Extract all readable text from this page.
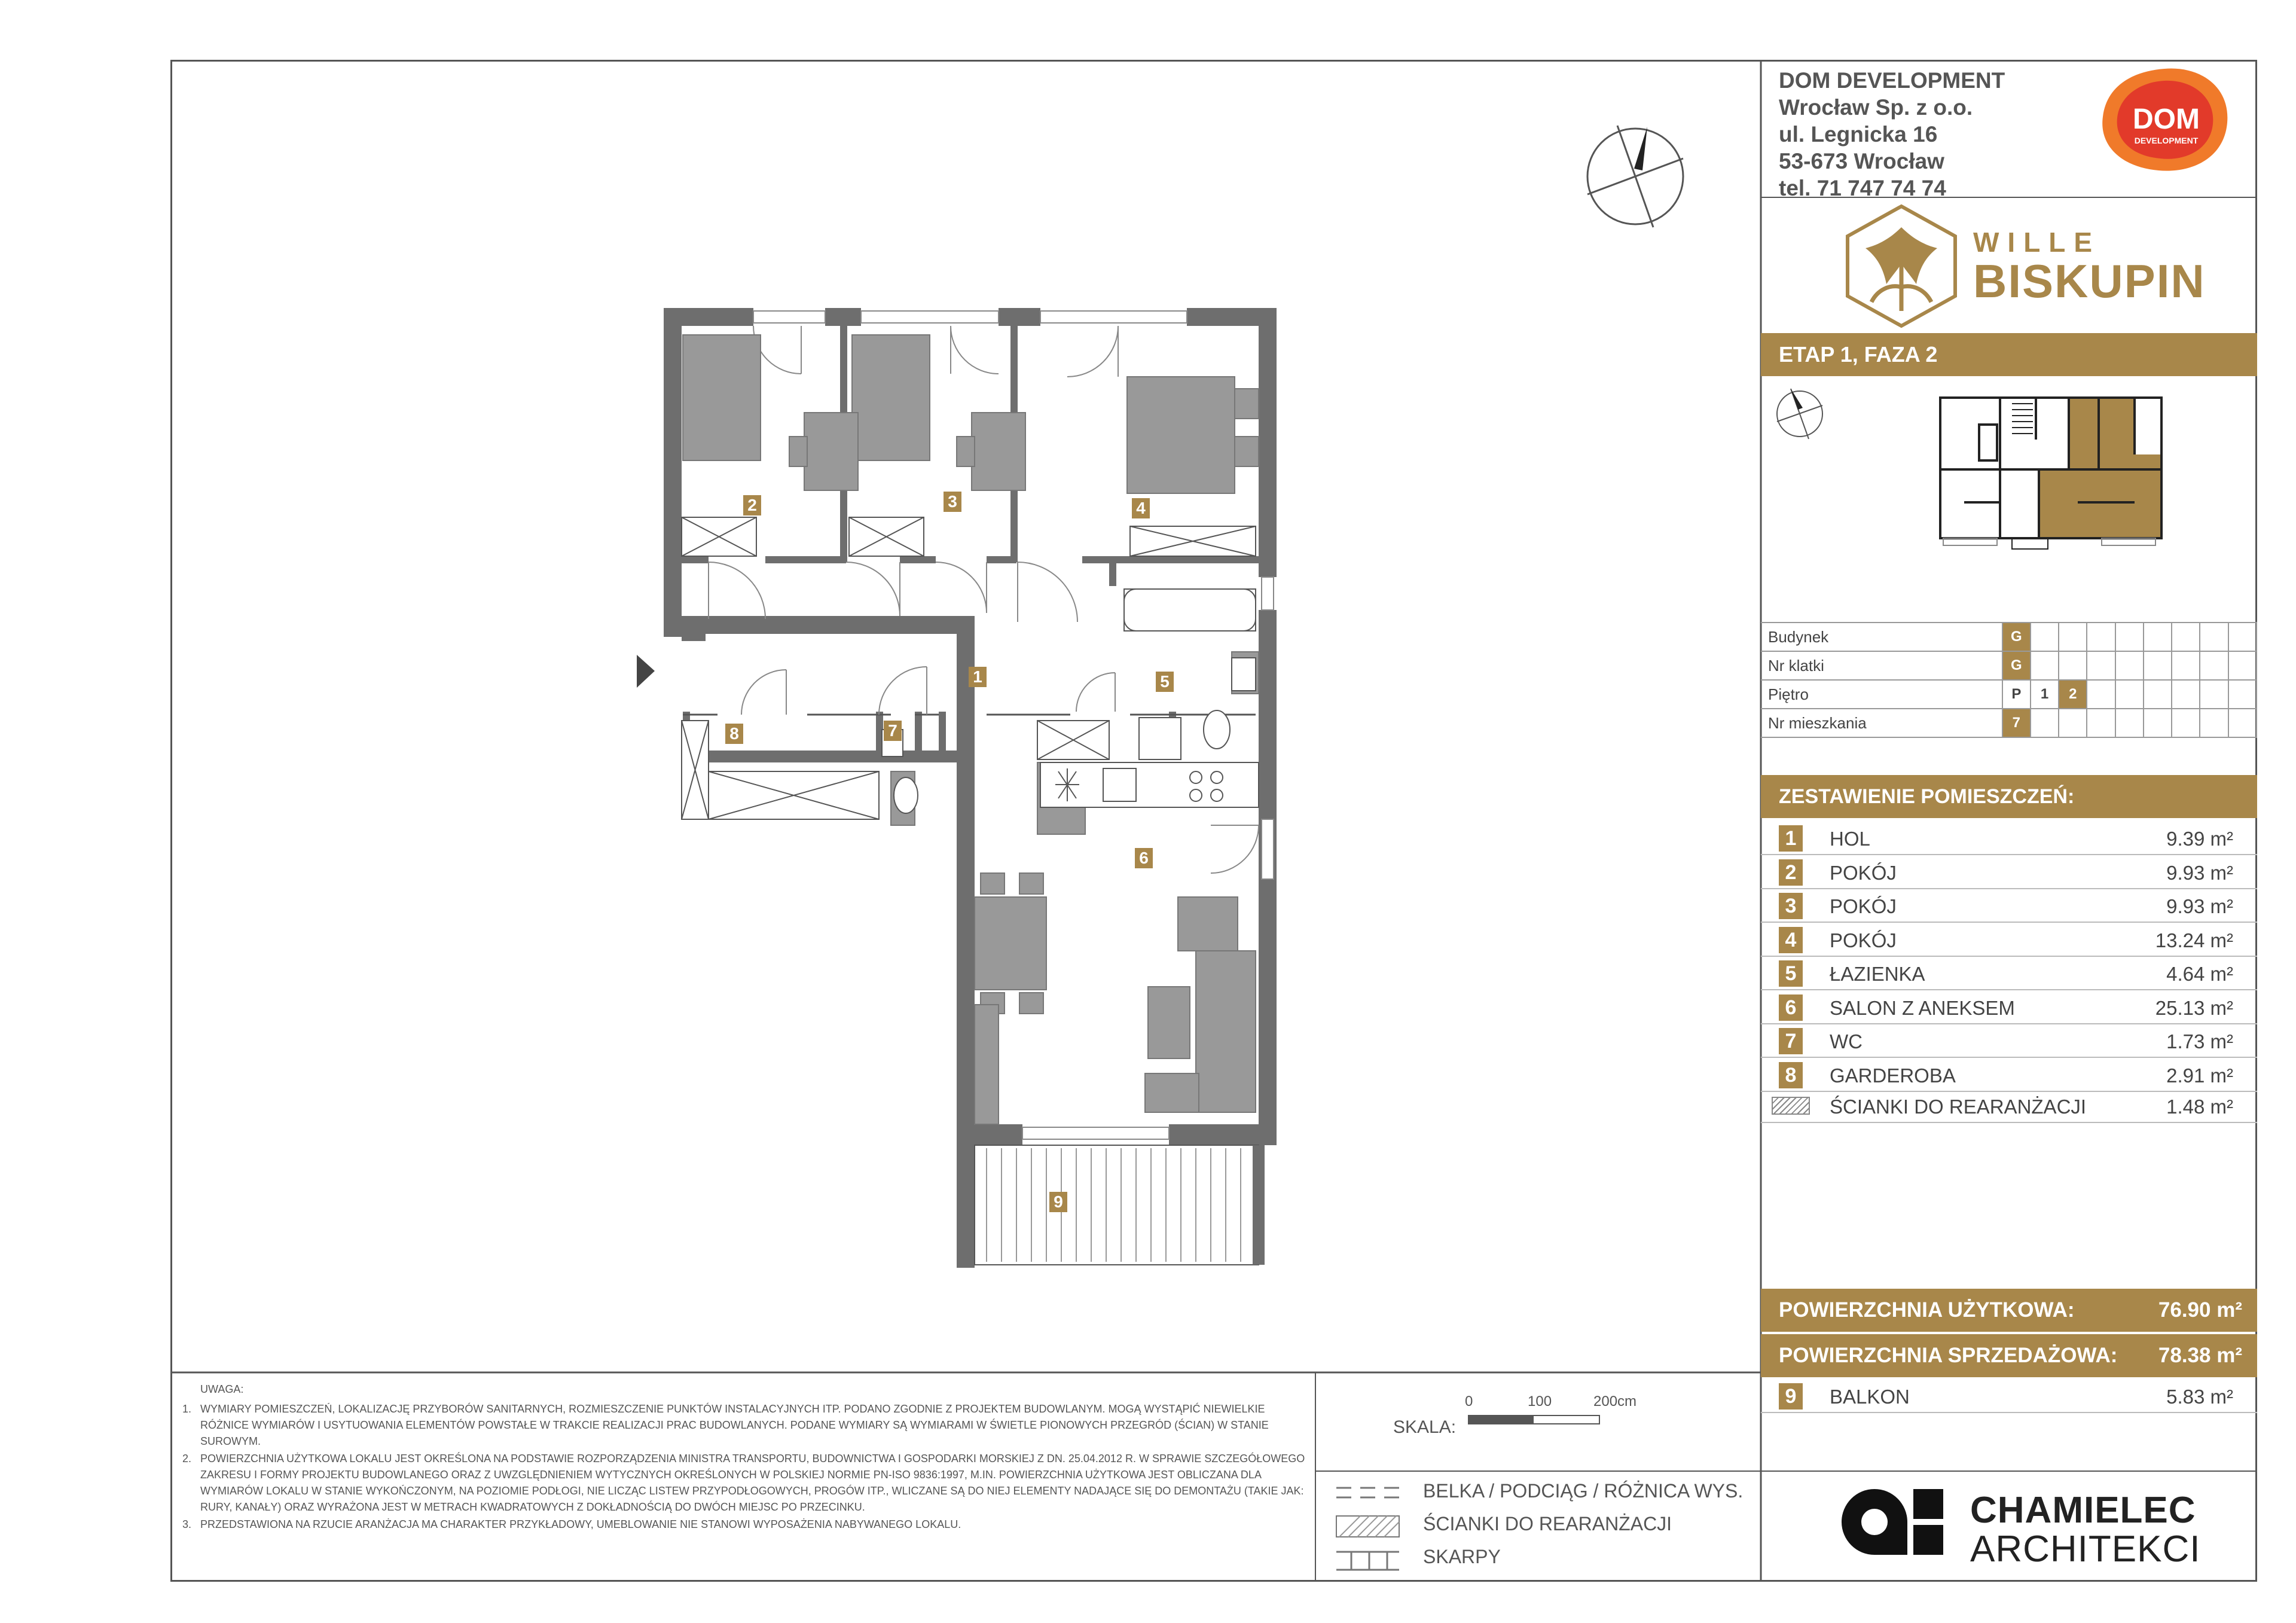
DOM DEVELOPMENT
Wrocław Sp. z o.o.
ul. Legnicka 16
53-673 Wrocław
tel. 71 747 74 74
DOM
DEVELOPMENT
WILLE
BISKUPIN
ETAP 1, FAZA 2
Budynek	G								
Nr klatki	G								
Piętro	P	1	2						
Nr mieszkania	7								
ZESTAWIENIE POMIESZCZEŃ:
1	HOL	9.39 m²
2	POKÓJ	9.93 m²
3	POKÓJ	9.93 m²
4	POKÓJ	13.24 m²
5	ŁAZIENKA	4.64 m²
6	SALON Z ANEKSEM	25.13 m²
7	WC	1.73 m²
8	GARDEROBA	2.91 m²
ŚCIANKI DO REARANŻACJI	1.48 m²
POWIERZCHNIA UŻYTKOWA:	76.90 m²
POWIERZCHNIA SPRZEDAŻOWA: 78.38 m²
9	BALKON	5.83 m²
1
2	3	4
5
6
7
8
9
UWAGA:
1. WYMIARY POMIESZCZEŃ, LOKALIZACJĘ PRZYBORÓW SANITARNYCH, ROZMIESZCZENIE PUNKTÓW INSTALACYJNYCH ITP. PODANO ZGODNIE Z PROJEKTEM BUDOWLANYM. MOGĄ WYSTĄPIĆ NIEWIELKIE RÓŻNICE WYMIARÓW I USYTUOWANIA ELEMENTÓW POWSTAŁE W TRAKCIE REALIZACJI PRAC BUDOWLANYCH. PODANE WYMIARY SĄ WYMIARAMI W ŚWIETLE PIONOWYCH PRZEGRÓD (ŚCIAN) W STANIE SUROWYM.
2. POWIERZCHNIA UŻYTKOWA LOKALU JEST OKREŚLONA NA PODSTAWIE ROZPORZĄDZENIA MINISTRA TRANSPORTU, BUDOWNICTWA I GOSPODARKI MORSKIEJ Z DN. 25.04.2012 R. W SPRAWIE SZCZEGÓŁOWEGO ZAKRESU I FORMY PROJEKTU BUDOWLANEGO ORAZ Z UWZGLĘDNIENIEM WYTYCZNYCH OKREŚLONYCH W POLSKIEJ NORMIE PN-ISO 9836:1997, M.IN. POWIERZCHNIA UŻYTKOWA JEST OBLICZANA DLA WYMIARÓW LOKALU W STANIE WYKOŃCZONYM, NA POZIOMIE PODŁOGI, NIE LICZĄC LISTEW PRZYPODŁOGOWYCH, PROGÓW ITP., WLICZANE SĄ DO NIEJ ELEMENTY NADAJĄCE SIĘ DO DEMONTAŻU (TAKIE JAK: RURY, KANAŁY) ORAZ WYRAŻONA JEST W METRACH KWADRATOWYCH Z DOKŁADNOŚCIĄ DO DWÓCH MIEJSC PO PRZECINKU.
3. PRZEDSTAWIONA NA RZUCIE ARANŻACJA MA CHARAKTER PRZYKŁADOWY, UMEBLOWANIE NIE STANOWI WYPOSAŻENIA NABYWANEGO LOKALU.
SKALA:
0	100	200cm
BELKA / PODCIĄG / RÓŻNICA WYS.
ŚCIANKI DO REARANŻACJI
SKARPY
CHAMIELEC
ARCHITEKCI
